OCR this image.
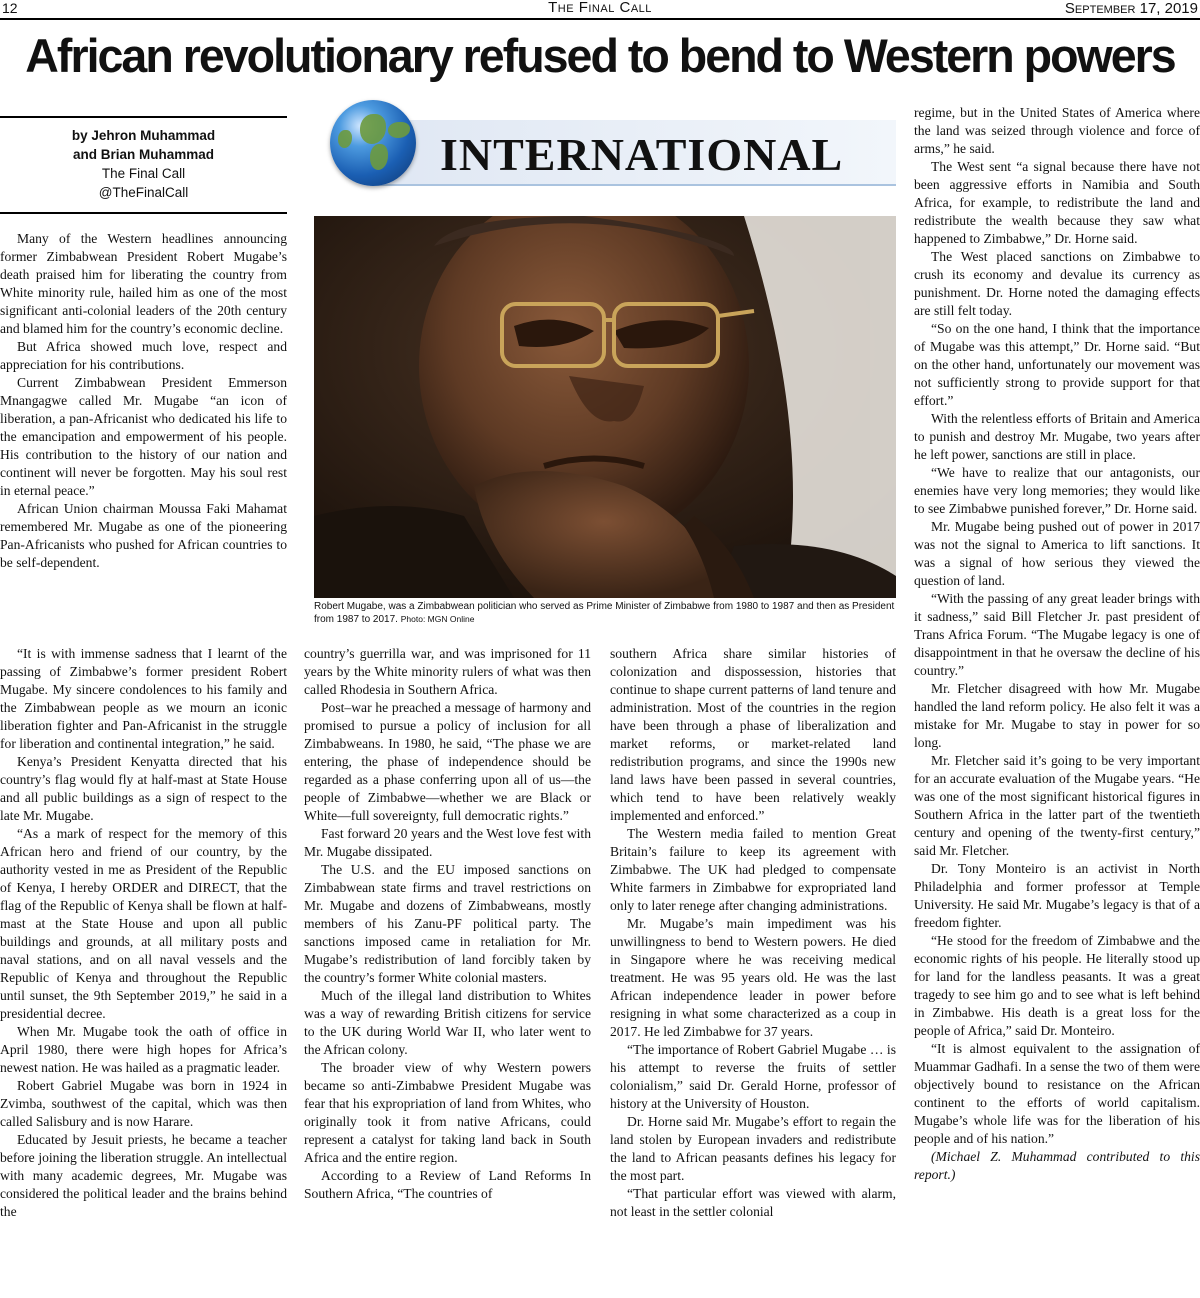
12	The Final Call	September 17, 2019
African revolutionary refused to bend to Western powers
by Jehron Muhammad
and Brian Muhammad
The Final Call
@TheFinalCall
INTERNATIONAL
Robert Mugabe, was a Zimbabwean politician who served as Prime Minister of Zimbabwe from 1980 to 1987 and then as President from 1987 to 2017. Photo: MGN Online

Many of the Western headlines announcing former Zimbabwean President Robert Mugabe’s death praised him for liberating the country from White minority rule, hailed him as one of the most significant anti-colonial leaders of the 20th century and blamed him for the country’s economic decline.

But Africa showed much love, respect and appreciation for his contributions.

Current Zimbabwean President Emmerson Mnangagwe called Mr. Mugabe “an icon of liberation, a pan-Africanist who dedicated his life to the emancipation and empowerment of his people. His contribution to the history of our nation and continent will never be forgotten. May his soul rest in eternal peace.”

African Union chairman Moussa Faki Mahamat remembered Mr. Mugabe as one of the pioneering Pan-Africanists who pushed for African countries to be self-dependent.

“It is with immense sadness that I learnt of the passing of Zimbabwe’s former president Robert Mugabe. My sincere condolences to his family and the Zimbabwean people as we mourn an iconic liberation fighter and Pan-Africanist in the struggle for liberation and continental integration,” he said.

Kenya’s President Kenyatta directed that his country’s flag would fly at half-mast at State House and all public buildings as a sign of respect to the late Mr. Mugabe.

“As a mark of respect for the memory of this African hero and friend of our country, by the authority vested in me as President of the Republic of Kenya, I hereby ORDER and DIRECT, that the flag of the Republic of Kenya shall be flown at half-mast at the State House and upon all public buildings and grounds, at all military posts and naval stations, and on all naval vessels and the Republic of Kenya and throughout the Republic until sunset, the 9th September 2019,” he said in a presidential decree.

When Mr. Mugabe took the oath of office in April 1980, there were high hopes for Africa’s newest nation. He was hailed as a pragmatic leader.

Robert Gabriel Mugabe was born in 1924 in Zvimba, southwest of the capital, which was then called Salisbury and is now Harare.

Educated by Jesuit priests, he became a teacher before joining the liberation struggle. An intellectual with many academic degrees, Mr. Mugabe was considered the political leader and the brains behind the

country’s guerrilla war, and was imprisoned for 11 years by the White minority rulers of what was then called Rhodesia in Southern Africa.

Post–war he preached a message of harmony and promised to pursue a policy of inclusion for all Zimbabweans. In 1980, he said, “The phase we are entering, the phase of independence should be regarded as a phase conferring upon all of us—the people of Zimbabwe—whether we are Black or White—full sovereignty, full democratic rights.”

Fast forward 20 years and the West love fest with Mr. Mugabe dissipated.

The U.S. and the EU imposed sanctions on Zimbabwean state firms and travel restrictions on Mr. Mugabe and dozens of Zimbabweans, mostly members of his Zanu-PF political party. The sanctions imposed came in retaliation for Mr. Mugabe’s redistribution of land forcibly taken by the country’s former White colonial masters.

Much of the illegal land distribution to Whites was a way of rewarding British citizens for service to the UK during World War II, who later went to the African colony.

The broader view of why Western powers became so anti-Zimbabwe President Mugabe was fear that his expropriation of land from Whites, who originally took it from native Africans, could represent a catalyst for taking land back in South Africa and the entire region.

According to a Review of Land Reforms In Southern Africa, “The countries of

southern Africa share similar histories of colonization and dispossession, histories that continue to shape current patterns of land tenure and administration. Most of the countries in the region have been through a phase of liberalization and market reforms, or market-related land redistribution programs, and since the 1990s new land laws have been passed in several countries, which tend to have been relatively weakly implemented and enforced.”

The Western media failed to mention Great Britain’s failure to keep its agreement with Zimbabwe. The UK had pledged to compensate White farmers in Zimbabwe for expropriated land only to later renege after changing administrations.

Mr. Mugabe’s main impediment was his unwillingness to bend to Western powers. He died in Singapore where he was receiving medical treatment. He was 95 years old. He was the last African independence leader in power before resigning in what some characterized as a coup in 2017. He led Zimbabwe for 37 years.

“The importance of Robert Gabriel Mugabe … is his attempt to reverse the fruits of settler colonialism,” said Dr. Gerald Horne, professor of history at the University of Houston.

Dr. Horne said Mr. Mugabe’s effort to regain the land stolen by European invaders and redistribute the land to African peasants defines his legacy for the most part.

“That particular effort was viewed with alarm, not least in the settler colonial

regime, but in the United States of America where the land was seized through violence and force of arms,” he said.

The West sent “a signal because there have not been aggressive efforts in Namibia and South Africa, for example, to redistribute the land and redistribute the wealth because they saw what happened to Zimbabwe,” Dr. Horne said.

The West placed sanctions on Zimbabwe to crush its economy and devalue its currency as punishment. Dr. Horne noted the damaging effects are still felt today.

“So on the one hand, I think that the importance of Mugabe was this attempt,” Dr. Horne said. “But on the other hand, unfortunately our movement was not sufficiently strong to provide support for that effort.”

With the relentless efforts of Britain and America to punish and destroy Mr. Mugabe, two years after he left power, sanctions are still in place.

“We have to realize that our antagonists, our enemies have very long memories; they would like to see Zimbabwe punished forever,” Dr. Horne said.

Mr. Mugabe being pushed out of power in 2017 was not the signal to America to lift sanctions. It was a signal of how serious they viewed the question of land.

“With the passing of any great leader brings with it sadness,” said Bill Fletcher Jr. past president of Trans Africa Forum. “The Mugabe legacy is one of disappointment in that he oversaw the decline of his country.”

Mr. Fletcher disagreed with how Mr. Mugabe handled the land reform policy. He also felt it was a mistake for Mr. Mugabe to stay in power for so long.

Mr. Fletcher said it’s going to be very important for an accurate evaluation of the Mugabe years. “He was one of the most significant historical figures in Southern Africa in the latter part of the twentieth century and opening of the twenty-first century,” said Mr. Fletcher.

Dr. Tony Monteiro is an activist in North Philadelphia and former professor at Temple University. He said Mr. Mugabe’s legacy is that of a freedom fighter.

“He stood for the freedom of Zimbabwe and the economic rights of his people. He literally stood up for land for the landless peasants. It was a great tragedy to see him go and to see what is left behind in Zimbabwe. His death is a great loss for the people of Africa,” said Dr. Monteiro.

“It is almost equivalent to the assignation of Muammar Gadhafi. In a sense the two of them were objectively bound to resistance on the African continent to the efforts of world capitalism. Mugabe’s whole life was for the liberation of his people and of his nation.”

(Michael Z. Muhammad contributed to this report.)
